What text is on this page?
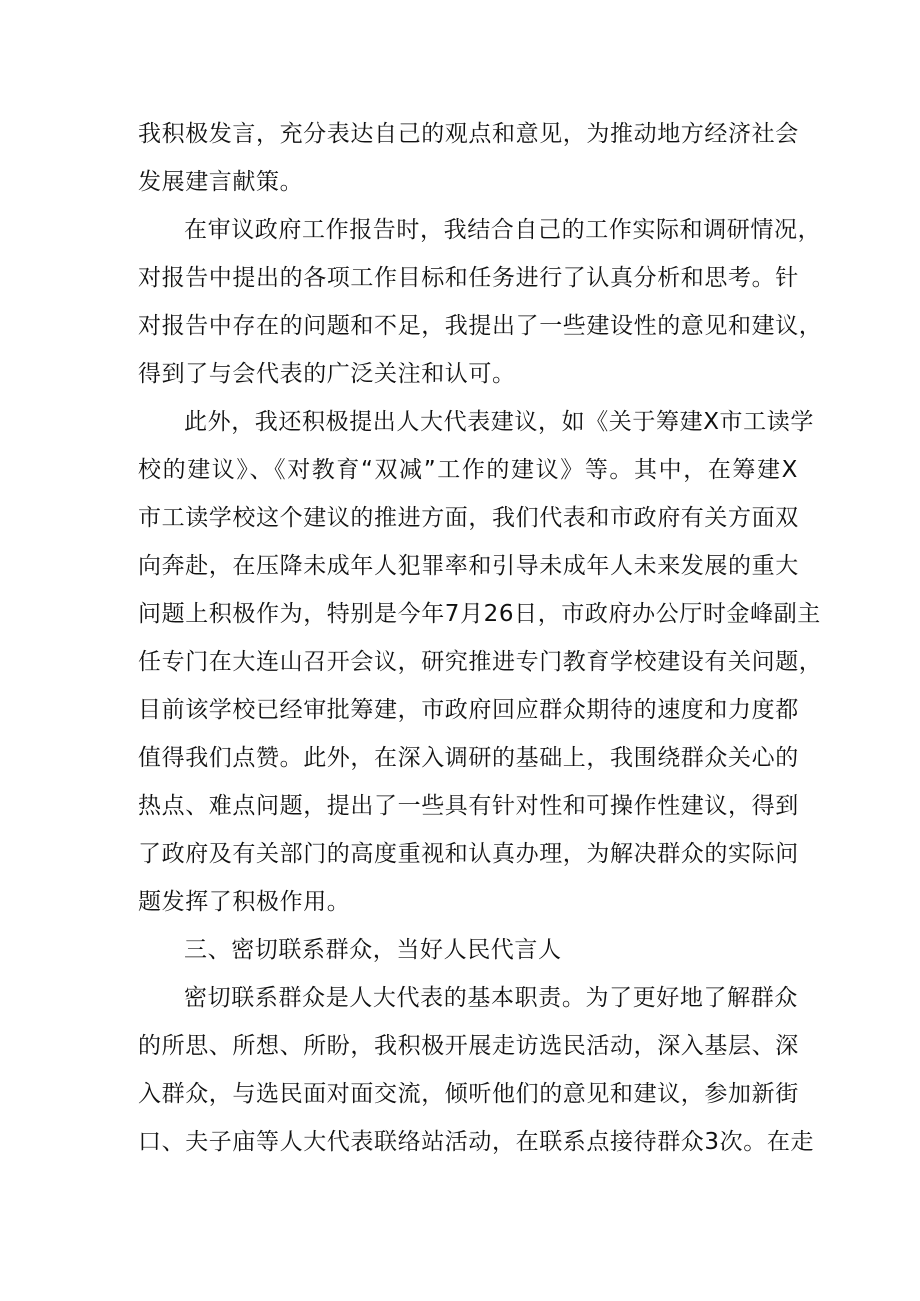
我积极发言，充分表达自己的观点和意见，为推动地方经济社会
发展建言献策。
在审议政府工作报告时，我结合自己的工作实际和调研情况，
对报告中提出的各项工作目标和任务进行了认真分析和思考。针
对报告中存在的问题和不足，我提出了一些建设性的意见和建议，
得到了与会代表的广泛关注和认可。
此外，我还积极提出人大代表建议，如《关于筹建X市工读学
校的建议》、《对教育“双减”工作的建议》等。其中，在筹建X
市工读学校这个建议的推进方面，我们代表和市政府有关方面双
向奔赴，在压降未成年人犯罪率和引导未成年人未来发展的重大
问题上积极作为，特别是今年7月26日，市政府办公厅时金峰副主
任专门在大连山召开会议，研究推进专门教育学校建设有关问题，
目前该学校已经审批筹建，市政府回应群众期待的速度和力度都
值得我们点赞。此外，在深入调研的基础上，我围绕群众关心的
热点、难点问题，提出了一些具有针对性和可操作性建议，得到
了政府及有关部门的高度重视和认真办理，为解决群众的实际问
题发挥了积极作用。
三、密切联系群众，当好人民代言人
密切联系群众是人大代表的基本职责。为了更好地了解群众
的所思、所想、所盼，我积极开展走访选民活动，深入基层、深
入群众，与选民面对面交流，倾听他们的意见和建议，参加新街
口、夫子庙等人大代表联络站活动，在联系点接待群众3次。在走
